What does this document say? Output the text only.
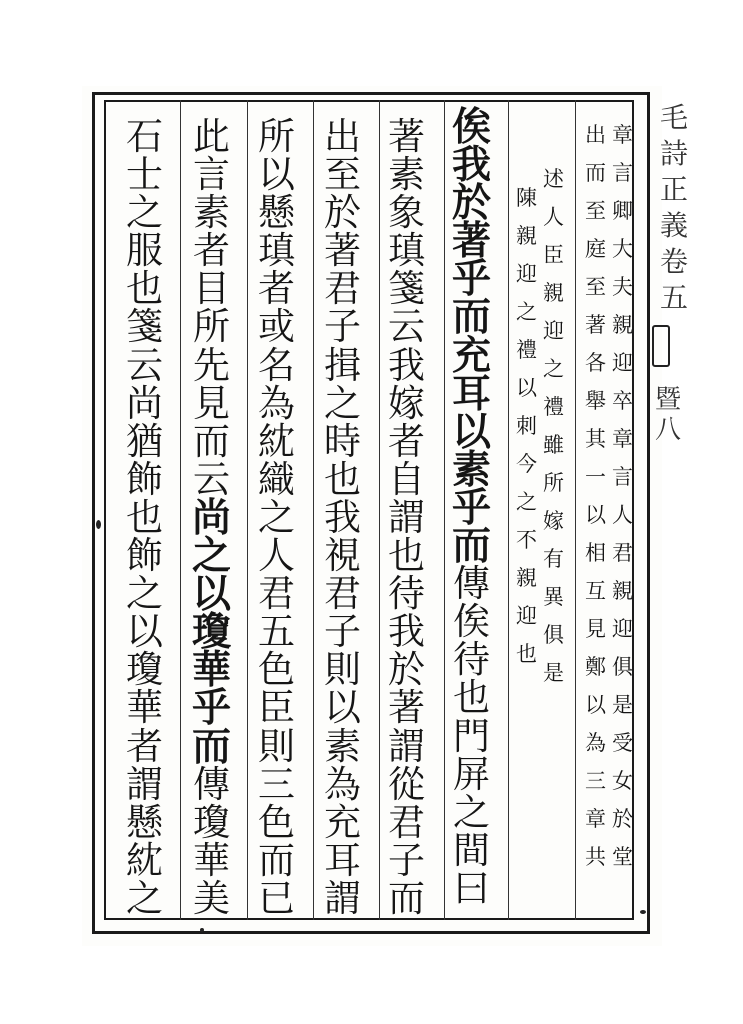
毛
詩
正
義
卷
五
暨
八
出
而
至
庭
至
著
各
舉
其
一
以
相
互
見
鄭
以
為
三
章
共
章
言
卿
大
夫
親
迎
卒
章
言
人
君
親
迎
俱
是
受
女
於
堂
陳
親
迎
之
禮
以
刺
今
之
不
親
迎
也
述
人
臣
親
迎
之
禮
雖
所
嫁
有
異
俱
是
俟
我
於
著
乎
而
充
耳
以
素
乎
而
傳
俟
待
也
門
屏
之
間
曰
著
素
象
瑱
箋
云
我
嫁
者
自
謂
也
待
我
於
著
謂
從
君
子
而
出
至
於
著
君
子
揖
之
時
也
我
視
君
子
則
以
素
為
充
耳
謂
所
以
懸
瑱
者
或
名
為
紞
織
之
人
君
五
色
臣
則
三
色
而
已
此
言
素
者
目
所
先
見
而
云
尚
之
以
瓊
華
乎
而
傳
瓊
華
美
石
士
之
服
也
箋
云
尚
猶
飾
也
飾
之
以
瓊
華
者
謂
懸
紞
之
